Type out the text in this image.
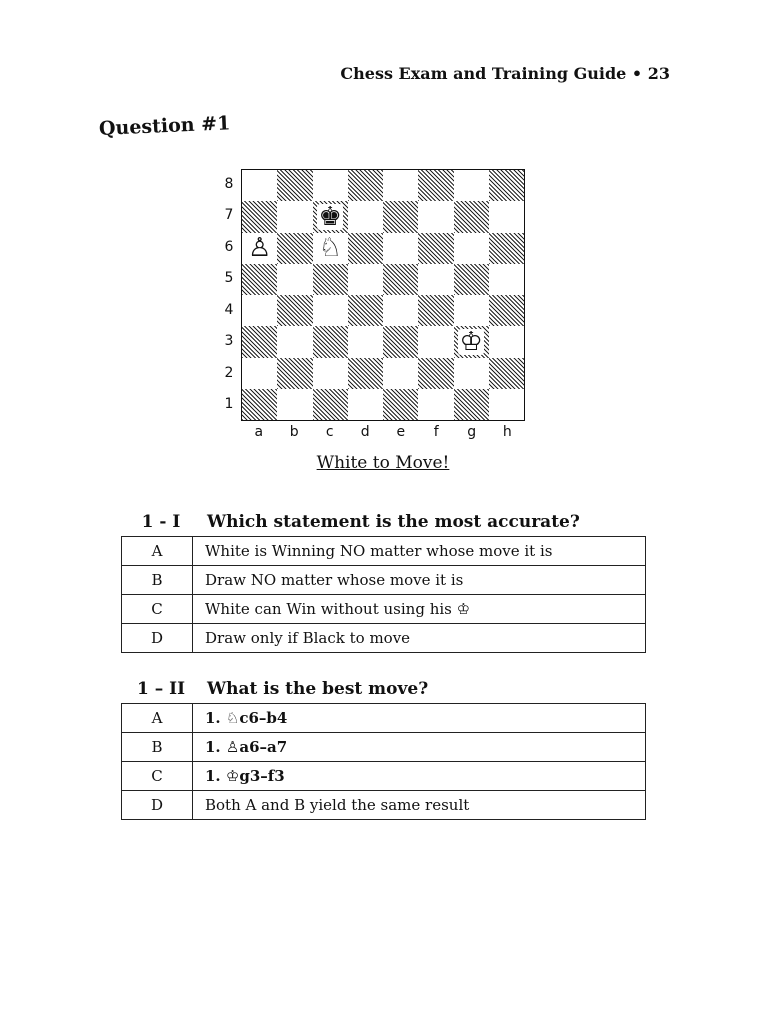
Chess Exam and Training Guide • 23
Question #1
♚
♙ ♘
♔
8
7
6
5
4
3
2
1
a	b	c	d	e	f	g	h
White to Move!
1 - I	Which statement is the most accurate?
A	White is Winning NO matter whose move it is
B	Draw NO matter whose move it is
C	White can Win without using his ♔
D	Draw only if Black to move
1 – II	What is the best move?
A	1. ♘c6–b4
B	1. ♙a6–a7
C	1. ♔g3–f3
D	Both A and B yield the same result
